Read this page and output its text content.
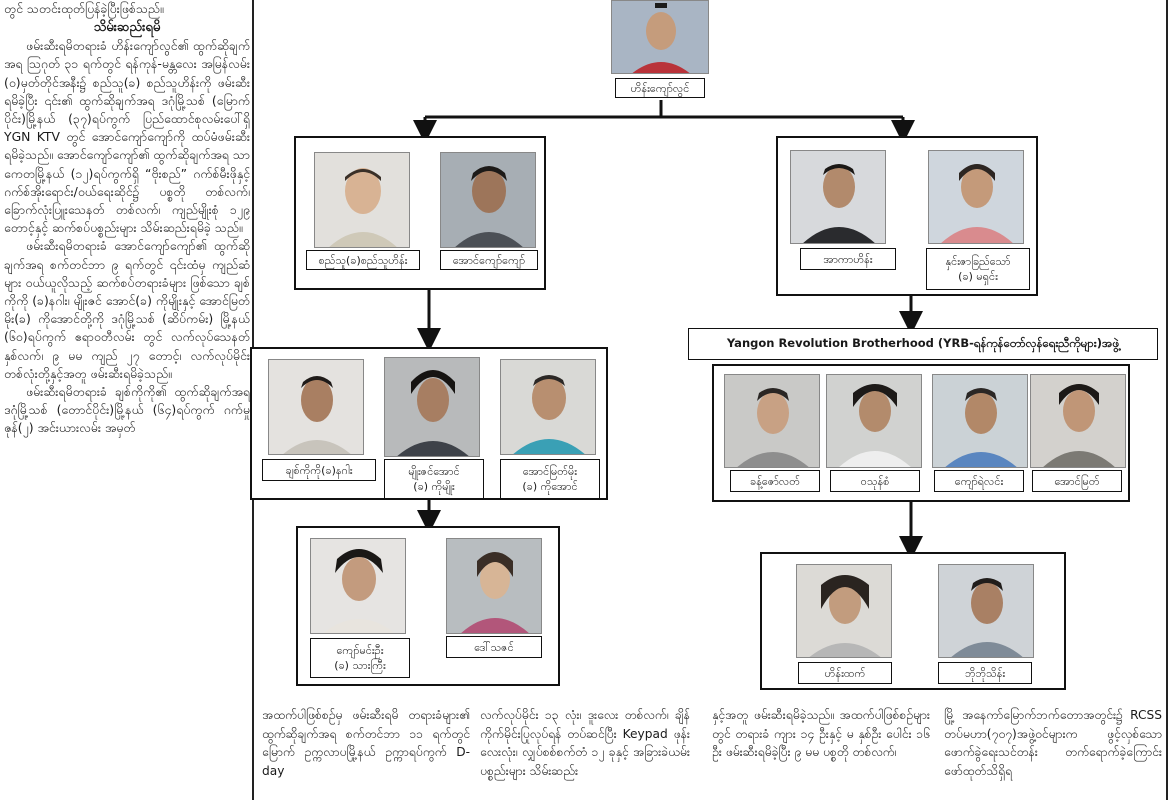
တွင် သတင်းထုတ်ပြန်ခဲ့ပြီးဖြစ်သည်။

သိမ်းဆည်းရမိ

ဖမ်းဆီးရမိတရားခံ ဟိန်းကျော်လွင်၏ ထွက်ဆိုချက်အရ ဩဂုတ် ၃၁ ရက်တွင် ရန်ကုန်-မန္တလေး အမြန်လမ်း (၀)မှတ်တိုင်အနီး၌ စည်သူ(ခ) စည်သူဟိန်းကို ဖမ်းဆီးရမိခဲ့ပြီး ၎င်း၏ ထွက်ဆိုချက်အရ ဒဂုံမြို့သစ် (မြောက်ပိုင်း)မြို့နယ် (၃၇)ရပ်ကွက် ပြည်ထောင်စုလမ်းပေါ်ရှိ YGN KTV တွင် အောင်ကျော်ကျော်ကို ထပ်မံဖမ်းဆီး ရမိခဲ့သည်။ အောင်ကျော်ကျော်၏ ထွက်ဆိုချက်အရ သာကေတမြို့နယ် (၁၂)ရပ်ကွက်ရှိ “ဗိုးစည်” ဂက်စ်မီးဖိုနှင့် ဂက်စ်အိုးရောင်း/ဝယ်ရေးဆိုင်၌ ပစ္စတို တစ်လက်၊ ခြောက်လုံးပြူးသေနတ် တစ်လက်၊ ကျည်မျိုးစုံ ၁၂၉ တောင့်နှင့် ဆက်စပ်ပစ္စည်းများ သိမ်းဆည်းရမိခဲ့ သည်။

ဖမ်းဆီးရမိတရားခံ အောင်ကျော်ကျော်၏ ထွက်ဆိုချက်အရ စက်တင်ဘာ ၉ ရက်တွင် ၎င်းထံမှ ကျည်ဆံများ ဝယ်ယူလိုသည့် ဆက်စပ်တရားခံများ ဖြစ်သော ချစ်ကိုကို (ခ)နဂါး၊ မျိုးဇင် အောင်(ခ) ကိုမျိုးနှင့် အောင်မြတ်မိုး(ခ) ကိုအောင်တို့ကို ဒဂုံမြို့သစ် (ဆိပ်ကမ်း) မြို့နယ် (၆၀)ရပ်ကွက် ဧရာဝတီလမ်း တွင် လက်လုပ်သေနတ် နှစ်လက်၊ ၉ မမ ကျည် ၂၇ တောင့်၊ လက်လုပ်မိုင်း တစ်လုံးတို့နှင့်အတူ ဖမ်းဆီးရမိခဲ့သည်။

ဖမ်းဆီးရမိတရားခံ ချစ်ကိုကို၏ ထွက်ဆိုချက်အရ ဒဂုံမြို့သစ် (တောင်ပိုင်း)မြို့နယ် (၆၄)ရပ်ကွက် ဂက်မှုဇုန်(၂) အင်းယားလမ်း အမှတ်

ဟိန်းကျော်လွင်
စည်သူ(ခ)စည်သူဟိန်း	အောင်ကျော်ကျော်	အာကာဟိန်း	နှင်းဇာခြည်သော်
(ခ) မရှင်း
ချစ်ကိုကို(ခ)နဂါး	မျိုးဇင်အောင်
(ခ) ကိုမျိုး
အောင်မြတ်မိုး
(ခ) ကိုအောင်
ကျော်မင်းဦး
(ခ) သားကြီး
ဒေါ်သဇင်
Yangon Revolution Brotherhood (YRB-ရန်ကုန်တော်လှန်ရေးညီကိုများ)အဖွဲ့
ခန့်ဇော်လတ်	ဝသုန်စံ	ကျော်ရဲလင်း	အောင်မြတ်
ဟိန်းထက်	ဘိုဘိုသိန်း

အထက်ပါဖြစ်စဉ်မှ ဖမ်းဆီးရမိ တရားခံများ၏ ထွက်ဆိုချက်အရ စက်တင်ဘာ ၁၁ ရက်တွင် မြောက် ဥက္ကလာပမြို့နယ် ဥက္ကာရပ်ကွက် D-day

လက်လုပ်မိုင်း ၁၃ လုံး၊ ဒူးလေး တစ်လက်၊ ချိန်ကိုက်မိုင်းပြုလုပ်ရန် တပ်ဆင်ပြီး Keypad ဖုန်း လေးလုံး၊ လျှပ်စစ်စက်တံ ၁၂ ခုနှင့် အခြားခဲယမ်းပစ္စည်းများ သိမ်းဆည်း

နှင့်အတူ ဖမ်းဆီးရမိခဲ့သည်။ အထက်ပါဖြစ်စဉ်များတွင် တရားခံ ကျား ၁၄ ဦးနှင့် မ နှစ်ဦး ပေါင်း ၁၆ ဦး ဖမ်းဆီးရမိခဲ့ပြီး ၉ မမ ပစ္စတို တစ်လက်၊

မြို့ အနေကာ်မြောက်ဘက်တောအတွင်း၌ RCSS တပ်မဟာ(၇၀၇)အဖွဲ့ဝင်များက ဖွင့်လှစ်သော ဖောက်ခွဲရေးသင်တန်း တက်ရောက်ခဲ့ကြောင်း ဖော်ထုတ်သိရှိရ
